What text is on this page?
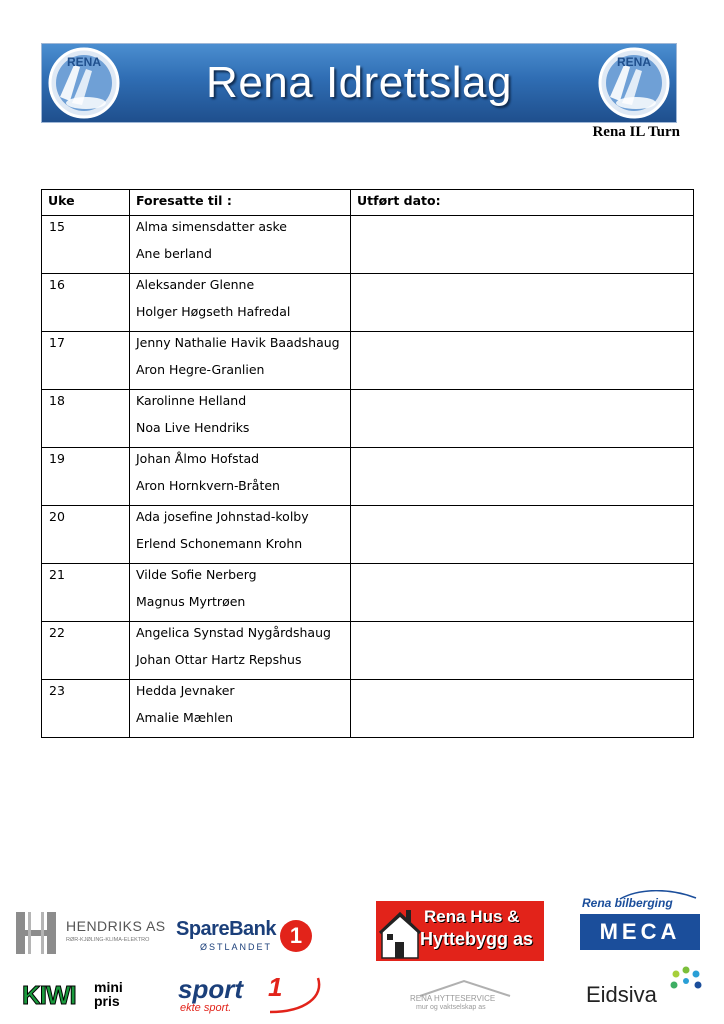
RENA	Rena Idrettslag	RENA
Rena IL Turn
Uke	Foresatte til :	Utført dato:
15	Alma simensdatter aske
Ane berland	

16	Aleksander Glenne
Holger Høgseth Hafredal	

17	Jenny Nathalie Havik Baadshaug
Aron Hegre-Granlien	

18	Karolinne Helland
Noa Live Hendriks	

19	Johan Ålmo Hofstad
Aron Hornkvern-Bråten	

20	Ada josefine Johnstad-kolby
Erlend Schonemann Krohn	

21	Vilde Sofie Nerberg
Magnus Myrtrøen	

22	Angelica Synstad Nygårdshaug
Johan Ottar Hartz Repshus	

23	Hedda Jevnaker
Amalie Mæhlen	

HENDRIKS AS
RØR-KJØLING-KLIMA-ELEKTRO SpareBank
ØSTLANDET 1
Rena Hus &
Hyttebygg as
Rena bilberging
MECA
KIWI mini
pris sport 1
ekte sport.
RENA HYTTESERVICE
mur og vaktselskap as
Eidsiva
